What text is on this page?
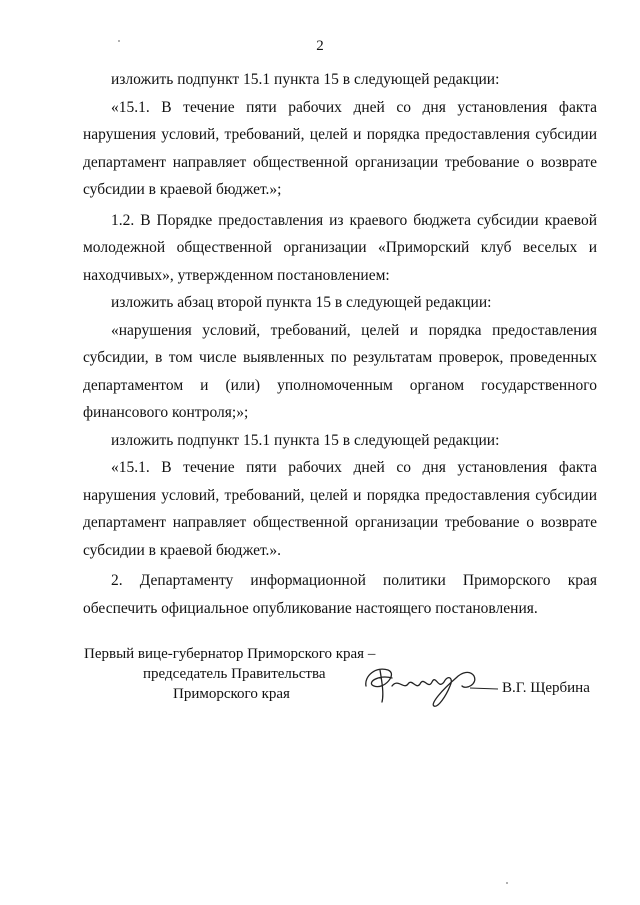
2

изложить подпункт 15.1 пункта 15 в следующей редакции:

«15.1. В течение пяти рабочих дней со дня установления факта нарушения условий, требований, целей и порядка предоставления субсидии департамент направляет общественной организации требование о возврате субсидии в краевой бюджет.»;

1.2. В Порядке предоставления из краевого бюджета субсидии краевой молодежной общественной организации «Приморский клуб веселых и находчивых», утвержденном постановлением:

изложить абзац второй пункта 15 в следующей редакции:

«нарушения условий, требований, целей и порядка предоставления субсидии, в том числе выявленных по результатам проверок, проведенных департаментом и (или) уполномоченным органом государственного финансового контроля;»;

изложить подпункт 15.1 пункта 15 в следующей редакции:

«15.1. В течение пяти рабочих дней со дня установления факта нарушения условий, требований, целей и порядка предоставления субсидии департамент направляет общественной организации требование о возврате субсидии в краевой бюджет.».

2. Департаменту информационной политики Приморского края обеспечить официальное опубликование настоящего постановления.

Первый вице-губернатор Приморского края –
председатель Правительства
Приморского края	В.Г. Щербина
